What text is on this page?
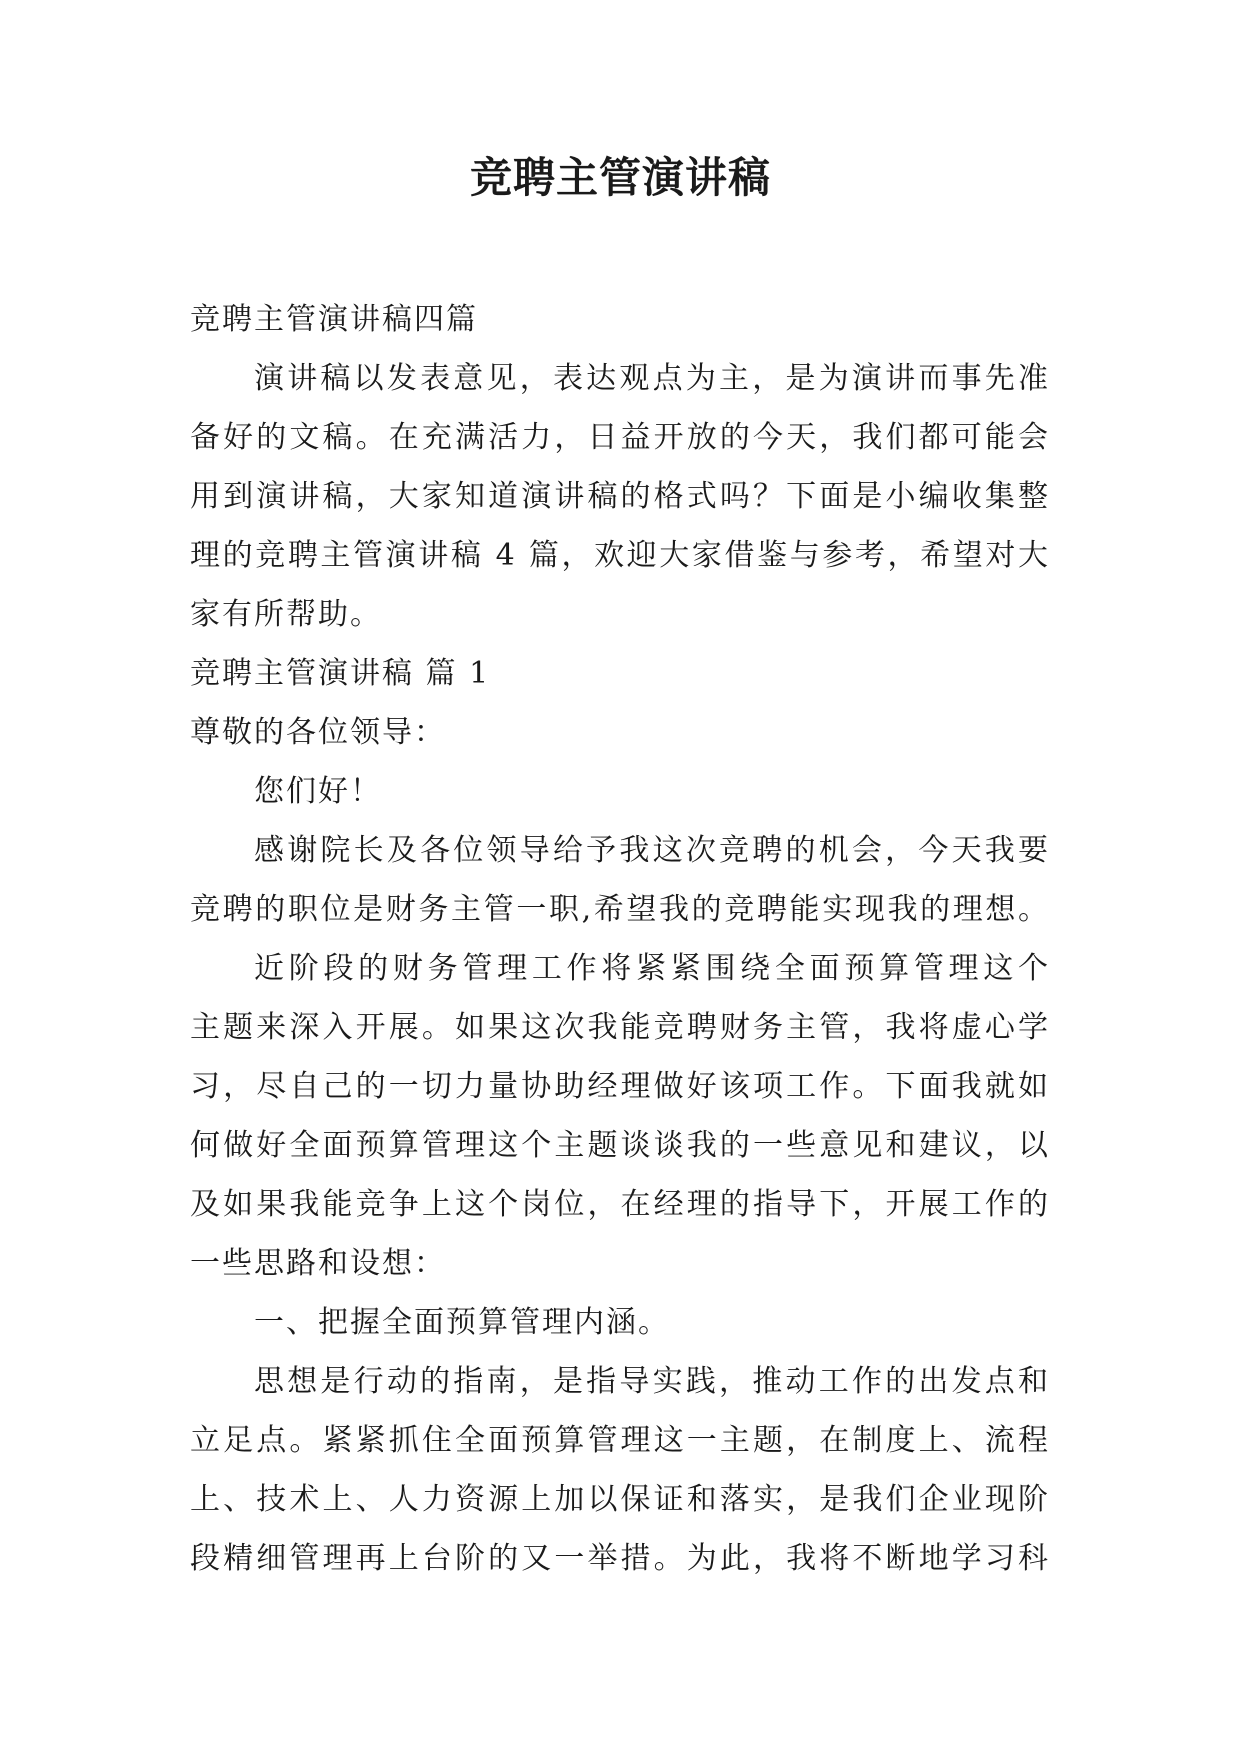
竞聘主管演讲稿
竞聘主管演讲稿四篇
演讲稿以发表意见，表达观点为主，是为演讲而事先准
备好的文稿。在充满活力，日益开放的今天，我们都可能会
用到演讲稿，大家知道演讲稿的格式吗？下面是小编收集整
理的竞聘主管演讲稿 4 篇，欢迎大家借鉴与参考，希望对大
家有所帮助。
竞聘主管演讲稿 篇 1
尊敬的各位领导：
您们好！
感谢院长及各位领导给予我这次竞聘的机会，今天我要
竞聘的职位是财务主管一职,希望我的竞聘能实现我的理想。
近阶段的财务管理工作将紧紧围绕全面预算管理这个
主题来深入开展。如果这次我能竞聘财务主管，我将虚心学
习，尽自己的一切力量协助经理做好该项工作。下面我就如
何做好全面预算管理这个主题谈谈我的一些意见和建议，以
及如果我能竞争上这个岗位，在经理的指导下，开展工作的
一些思路和设想：
一、把握全面预算管理内涵。
思想是行动的指南，是指导实践，推动工作的出发点和
立足点。紧紧抓住全面预算管理这一主题，在制度上、流程
上、技术上、人力资源上加以保证和落实，是我们企业现阶
段精细管理再上台阶的又一举措。为此，我将不断地学习科
